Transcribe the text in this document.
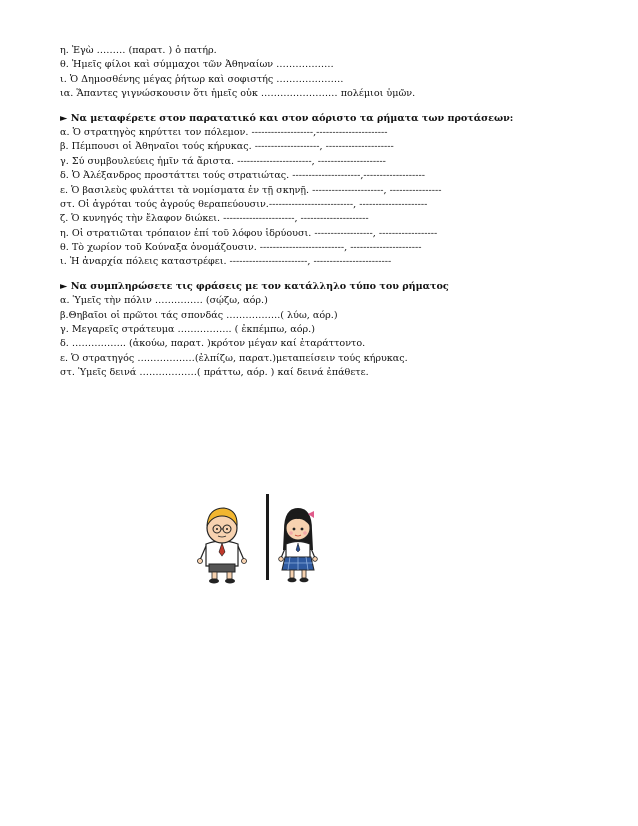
η. Ἐγὼ ……… (παρατ. ) ὁ πατήρ.
θ. Ἡμεῖς φίλοι καὶ σύμμαχοι τῶν Ἀθηναίων ………………
ι. Ὁ Δημοσθένης μέγας ῥήτωρ καὶ σοφιστής …………………
ια. Ἅπαντες γιγνώσκουσιν ὅτι ἡμεῖς οὐκ …………………… πολέμιοι ὑμῶν.
► Να μεταφέρετε στον παρατατικό και στον αόριστο τα ρήματα των προτάσεων:
α. Ὁ στρατηγὸς κηρύττει τον πόλεμον. -------------------,----------------------
β. Πέμπουσι οἱ Ἀθηναῖοι τούς κήρυκας. --------------------, ---------------------
γ. Σύ συμβουλεύεις ἡμῖν τά ἄριστα. -----------------------, ---------------------
δ. Ὁ Ἀλέξανδρος προστάττει τούς στρατιώτας. ---------------------,-------------------
ε. Ὁ βασιλεὺς φυλάττει τὰ νομίσματα ἐν τῇ σκηνῇ. ----------------------, ----------------
στ. Οἱ ἀγρόται τούς ἀγρούς θεραπεύουσιν.--------------------------, ---------------------
ζ. Ὁ κυνηγός τὴν ἔλαφον διώκει. ----------------------, ---------------------
η. Οἱ στρατιῶται τρόπαιον ἐπί τοῦ λόφου ἱδρύουσι. ------------------, ------------------
θ. Τὸ χωρίον τοῦ Κούναξα ὀνομάζουσιν. --------------------------, ----------------------
ι. Ἡ ἀναρχία πόλεις καταστρέφει. ------------------------, ------------------------
► Να συμπληρώσετε τις φράσεις με τον κατάλληλο τύπο του ρήματος
α. Ὑμεῖς τὴν πόλιν …………… (σῴζω, αόρ.)
β.Θηβαῖοι οἱ πρῶτοι τάς σπονδάς ……………..( λύω, αόρ.)
γ. Μεγαρεῖς στράτευμα …………….. ( ἐκπέμπω, αόρ.)
δ. …………….. (ἀκούω, παρατ. )κρότον μέγαν καί ἐταράττοντο.
ε. Ὁ στρατηγός ………………(ἐλπίζω, παρατ.)μεταπείσειν τούς κήρυκας.
στ. Ὑμεῖς δεινά ………………( πράττω, αόρ. ) καί δεινά ἐπάθετε.
